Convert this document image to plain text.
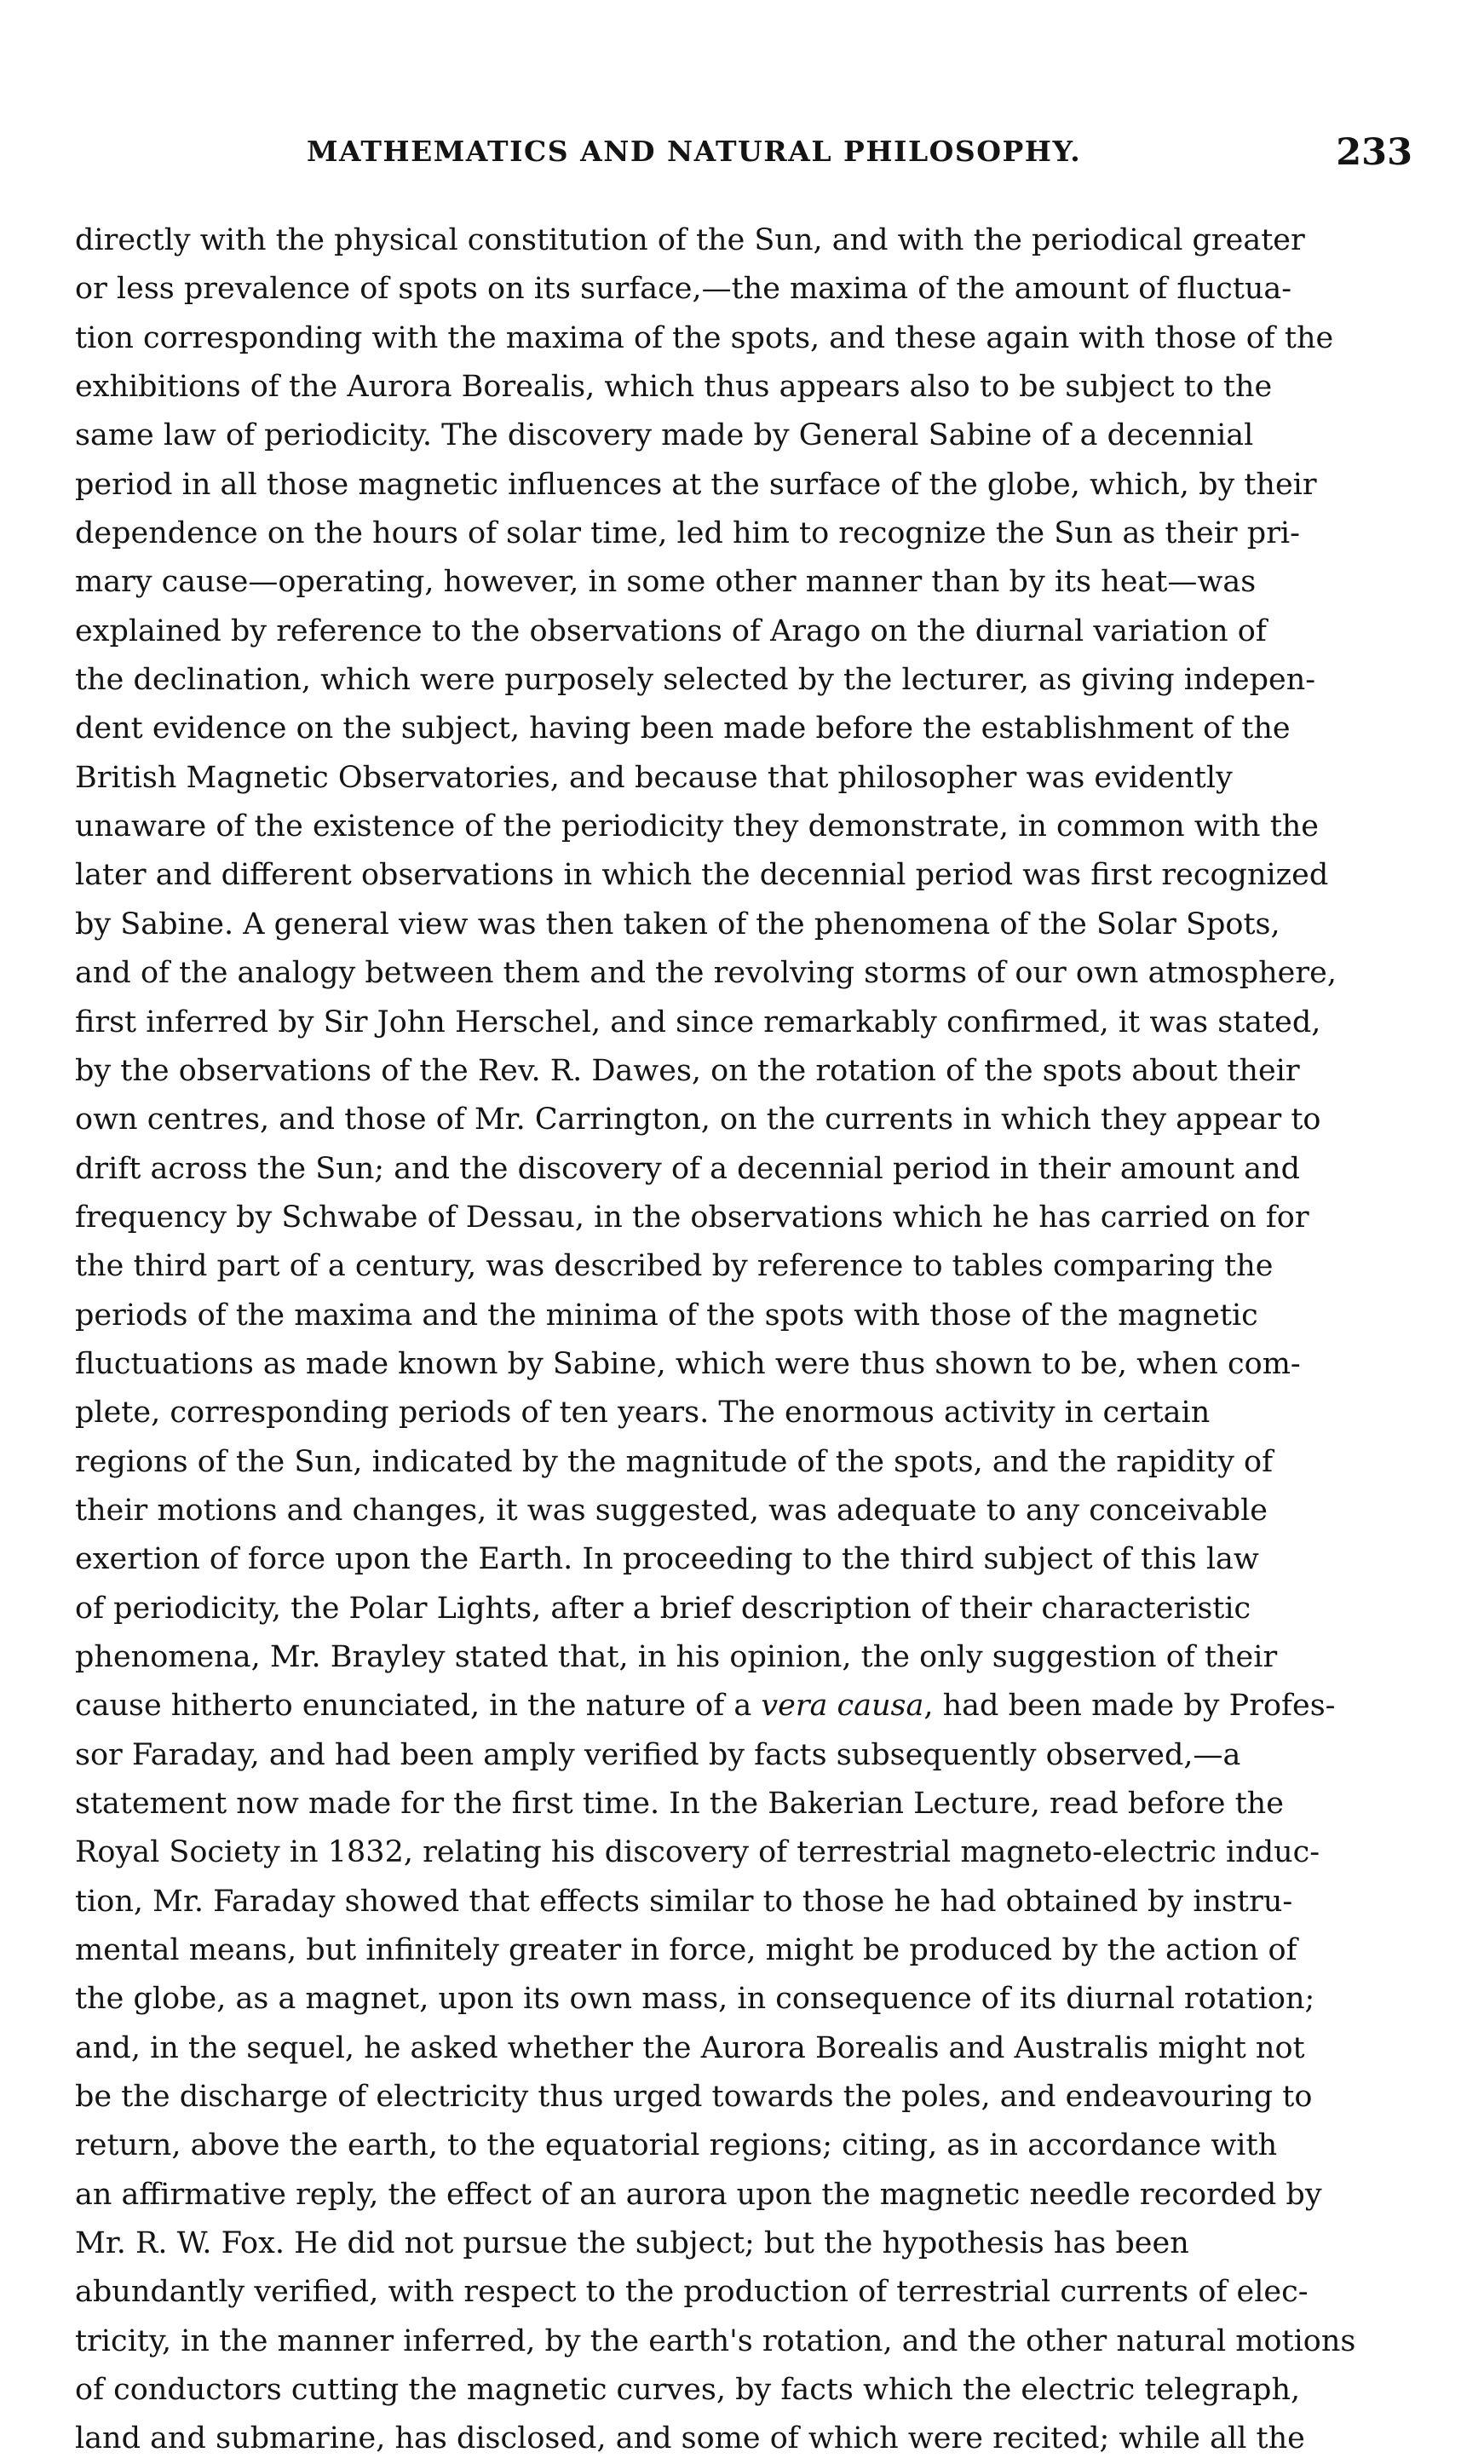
MATHEMATICS AND NATURAL PHILOSOPHY.	233
directly with the physical constitution of the Sun, and with the periodical greater
or less prevalence of spots on its surface,—the maxima of the amount of fluctua-
tion corresponding with the maxima of the spots, and these again with those of the
exhibitions of the Aurora Borealis, which thus appears also to be subject to the
same law of periodicity. The discovery made by General Sabine of a decennial
period in all those magnetic influences at the surface of the globe, which, by their
dependence on the hours of solar time, led him to recognize the Sun as their pri-
mary cause—operating, however, in some other manner than by its heat—was
explained by reference to the observations of Arago on the diurnal variation of
the declination, which were purposely selected by the lecturer, as giving indepen-
dent evidence on the subject, having been made before the establishment of the
British Magnetic Observatories, and because that philosopher was evidently
unaware of the existence of the periodicity they demonstrate, in common with the
later and different observations in which the decennial period was first recognized
by Sabine. A general view was then taken of the phenomena of the Solar Spots,
and of the analogy between them and the revolving storms of our own atmosphere,
first inferred by Sir John Herschel, and since remarkably confirmed, it was stated,
by the observations of the Rev. R. Dawes, on the rotation of the spots about their
own centres, and those of Mr. Carrington, on the currents in which they appear to
drift across the Sun; and the discovery of a decennial period in their amount and
frequency by Schwabe of Dessau, in the observations which he has carried on for
the third part of a century, was described by reference to tables comparing the
periods of the maxima and the minima of the spots with those of the magnetic
fluctuations as made known by Sabine, which were thus shown to be, when com-
plete, corresponding periods of ten years. The enormous activity in certain
regions of the Sun, indicated by the magnitude of the spots, and the rapidity of
their motions and changes, it was suggested, was adequate to any conceivable
exertion of force upon the Earth. In proceeding to the third subject of this law
of periodicity, the Polar Lights, after a brief description of their characteristic
phenomena, Mr. Brayley stated that, in his opinion, the only suggestion of their
cause hitherto enunciated, in the nature of a vera causa, had been made by Profes-
sor Faraday, and had been amply verified by facts subsequently observed,—a
statement now made for the first time. In the Bakerian Lecture, read before the
Royal Society in 1832, relating his discovery of terrestrial magneto-electric induc-
tion, Mr. Faraday showed that effects similar to those he had obtained by instru-
mental means, but infinitely greater in force, might be produced by the action of
the globe, as a magnet, upon its own mass, in consequence of its diurnal rotation;
and, in the sequel, he asked whether the Aurora Borealis and Australis might not
be the discharge of electricity thus urged towards the poles, and endeavouring to
return, above the earth, to the equatorial regions; citing, as in accordance with
an affirmative reply, the effect of an aurora upon the magnetic needle recorded by
Mr. R. W. Fox. He did not pursue the subject; but the hypothesis has been
abundantly verified, with respect to the production of terrestrial currents of elec-
tricity, in the manner inferred, by the earth's rotation, and the other natural motions
of conductors cutting the magnetic curves, by facts which the electric telegraph,
land and submarine, has disclosed, and some of which were recited; while all the
